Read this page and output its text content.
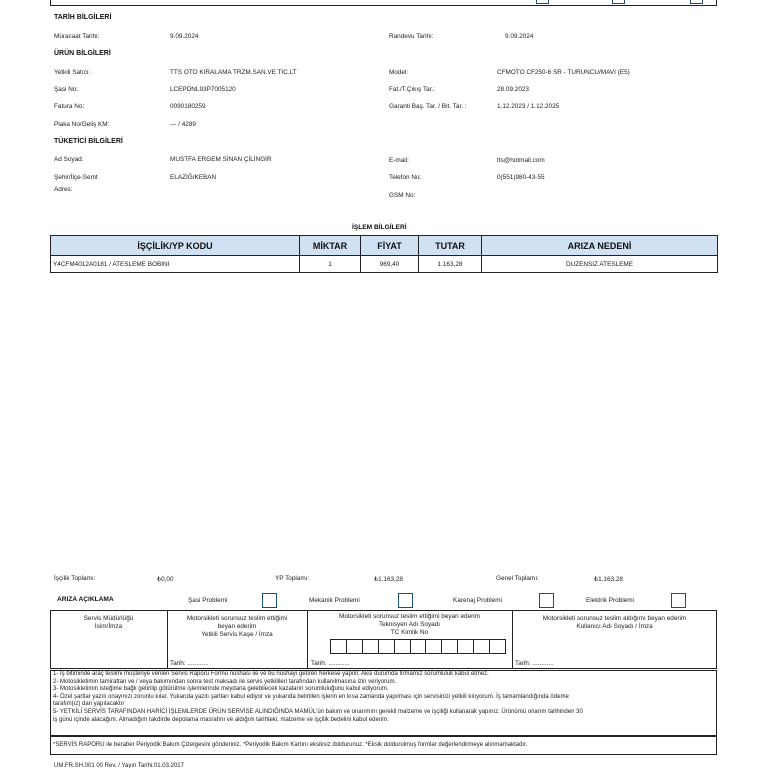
TARİH BİLGİLERİ
Müracaat Tarihi:	9.09.2024	Randevu Tarihi:	9.09.2024
ÜRÜN BİLGİLERİ
Yetkili Satıcı:	TTS OTO KIRALAMA TRZM.SAN.VE TIC.LT	Model:	CFMOTO CF250-6 SR - TURUNCU/MAVI (E5)
Şasi No:	LCEPDNL93P7005120	Fat./T.Çıkış Tar.:	28.09.2023
Fatura No:	0090180259	Garanti Baş. Tar. / Bit. Tar. :	1.12.2023 / 1.12.2025
Plaka No/Geliş KM:	--- / 4289
TÜKETİCİ BİLGİLERİ
Ad Soyad:	MUSTFA ERGEM SİNAN ÇİLİNGİR	E-mail:	tts@hotmail.com
Şehir/İlçe-Semt	ELAZIĞ/KEBAN	Telefon No:	0(551)980-43-55
Adres:
GSM No:
İŞLEM BİLGİLERİ
İŞÇİLİK/YP KODU	MİKTAR	FİYAT	TUTAR	ARIZA NEDENİ
Y4CFM4012A0181 / ATESLEME BOBINI	1	969,40	1.163,28	DUZENSIZ ATESLEME
İşçilik Toplamı:	₺0,00	YP Toplamı:	₺1.163,28	Genel Toplamı:	₺1.163,28
ARIZA AÇIKLAMA	Şasi Problemi	Mekanik Problemi	Karenaj Problemi	Elektrik Problemi
Servis Müdürlüğü
İsim/İmza
Motorsikleti sorunsuz teslim ettiğimi
beyan ederim
Yetkili Servis Kaşe / İmza
Motorsikleti sorunsuz teslim ettiğimi beyan ederim
Teknisyen Adı Soyadı
TC Kimlik No
Motorsikleti sorunsuz teslim aldığımı beyan ederim
Kullanıcı Adı Soyadı / İmza
Tarih: ............	Tarih: ............	Tarih: ............
1- İş bitiminde araç teslimi müşteriye verilen Servis Raporu Formu nüshası ile ve bu nüshayı getiren herkese yapılır. Aksi durumda firmamız sorumluluk kabul etmez.
2- Motosikletimin tamirattan ve / veya bakımından sonra test maksadı ile servis yetkilileri tarafından kullanılmasına izin veriyorum.
3- Motosikletimin isteğime bağlı getirilip götürülme işlemlerinde meydana gelebilecek kazaların sorumluluğunu kabul ediyorum.
4- Özel şartlar yazılı onayınızı zorunlu kılar. Yukarıda yazılı şartları kabul ediyor ve yukarıda belirtilen işlerin en kısa zamanda yapılması için servisinizi yetkili kılıyorum. İş tamamlandığında ödeme
tarafım(ız) dan yapılacaktır
5- YETKİLİ SERVİS TARAFINDAN HARİCİ İŞLEMLERDE ÜRÜN SERVİSE ALINDIĞINDA MAMÜL'ün bakım ve onarımını gerekli malzeme ve işçiliği kullanarak yapınız. Ürünümü onarım tarihinden 30
iş günü içinde alacağım. Almadığım takdirde depolama masrafını ve aldığım tarihteki, malzeme ve işçilik bedelini kabul ederim.
*SERVİS RAPORU ile beraber Periyodik Bakım Çizelgesini gönderiniz. *Periyodik Bakım Kartını eksiksiz doldurunuz. *Eksik doldurulmuş formlar değerlendirmeye alınmamaktadır.
UM.FR.SH.001 00 Rev. / Yayın Tarihi:01.03.2017
